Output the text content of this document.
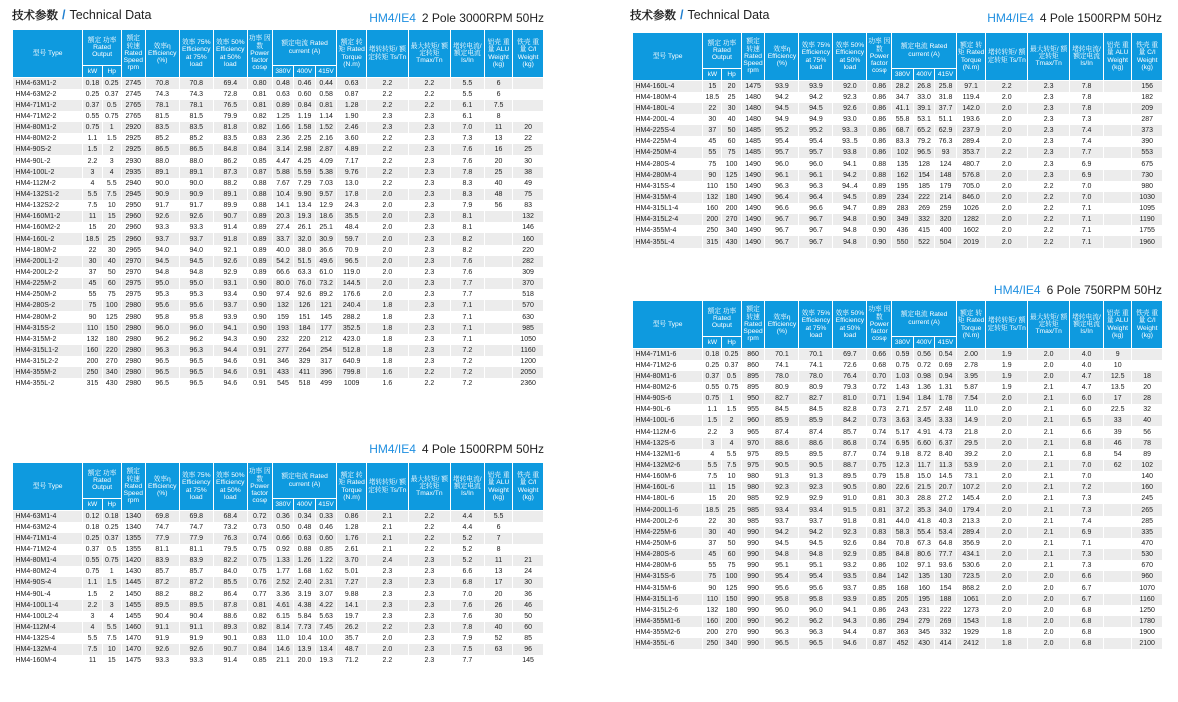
技术参数 / Technical Data	技术参数 / Technical Data
HM4/IE4 2 Pole 3000RPM 50Hz
HM4/IE4 4 Pole 1500RPM 50Hz
HM4/IE4 4 Pole 1500RPM 50Hz
HM4/IE4 6 Pole 750RPM 50Hz
型号 Type	额定 功率 Rated Output		额定 转速 Rated Speed rpm	效率η Efficiency (%)	效率 75% Efficiency at 75% load	效率 50% Efficiency at 50% load	功率 因数 Power factor cosφ	额定电流 Rated current (A)			额定 转矩 Rated Torque (N.m)	堵转转矩/ 额定转矩 Ts/Tn	最大转矩/ 额定转矩 Tmax/Tn	堵转电流/ 额定电流 Is/In	铝壳 重量 ALU Weight (kg)	铁壳 重量 C/I Weight (kg)
	kW	Hp						380V	400V	415V						
HM4-63M1-2	0.18	0.25	2745	70.8	70.8	69.4	0.80	0.48	0.46	0.44	0.63	2.2	2.2	5.5	6	
HM4-63M2-2	0.25	0.37	2745	74.3	74.3	72.8	0.81	0.63	0.60	0.58	0.87	2.2	2.2	5.5	6	
HM4-71M1-2	0.37	0.5	2765	78.1	78.1	76.5	0.81	0.89	0.84	0.81	1.28	2.2	2.2	6.1	7.5	
HM4-71M2-2	0.55	0.75	2765	81.5	81.5	79.9	0.82	1.25	1.19	1.14	1.90	2.3	2.3	6.1	8	
HM4-80M1-2	0.75	1	2920	83.5	83.5	81.8	0.82	1.66	1.58	1.52	2.46	2.3	2.3	7.0	11	20
HM4-80M2-2	1.1	1.5	2925	85.2	85.2	83.5	0.83	2.36	2.25	2.16	3.60	2.2	2.3	7.3	13	22
HM4-90S-2	1.5	2	2925	86.5	86.5	84.8	0.84	3.14	2.98	2.87	4.89	2.2	2.3	7.6	16	25
HM4-90L-2	2.2	3	2930	88.0	88.0	86.2	0.85	4.47	4.25	4.09	7.17	2.2	2.3	7.6	20	30
HM4-100L-2	3	4	2935	89.1	89.1	87.3	0.87	5.88	5.59	5.38	9.76	2.2	2.3	7.8	25	38
HM4-112M-2	4	5.5	2940	90.0	90.0	88.2	0.88	7.67	7.29	7.03	13.0	2.2	2.3	8.3	40	49
HM4-132S1-2	5.5	7.5	2945	90.9	90.9	89.1	0.88	10.4	9.90	9.57	17.8	2.0	2.3	8.3	48	75
HM4-132S2-2	7.5	10	2950	91.7	91.7	89.9	0.88	14.1	13.4	12.9	24.3	2.0	2.3	7.9	56	83
HM4-160M1-2	11	15	2960	92.6	92.6	90.7	0.89	20.3	19.3	18.6	35.5	2.0	2.3	8.1		132
HM4-160M2-2	15	20	2960	93.3	93.3	91.4	0.89	27.4	26.1	25.1	48.4	2.0	2.3	8.1		146
HM4-160L-2	18.5	25	2960	93.7	93.7	91.8	0.89	33.7	32.0	30.9	59.7	2.0	2.3	8.2		160
HM4-180M-2	22	30	2965	94.0	94.0	92.1	0.89	40.0	38.0	36.6	70.9	2.0	2.3	8.2		220
HM4-200L1-2	30	40	2970	94.5	94.5	92.6	0.89	54.2	51.5	49.6	96.5	2.0	2.3	7.6		282
HM4-200L2-2	37	50	2970	94.8	94.8	92.9	0.89	66.6	63.3	61.0	119.0	2.0	2.3	7.6		309
HM4-225M-2	45	60	2975	95.0	95.0	93.1	0.90	80.0	76.0	73.2	144.5	2.0	2.3	7.7		370
HM4-250M-2	55	75	2975	95.3	95.3	93.4	0.90	97.4	92.6	89.2	176.6	2.0	2.3	7.7		518
HM4-280S-2	75	100	2980	95.6	95.6	93.7	0.90	132	126	121	240.4	1.8	2.3	7.1		570
HM4-280M-2	90	125	2980	95.8	95.8	93.9	0.90	159	151	145	288.2	1.8	2.3	7.1		630
HM4-315S-2	110	150	2980	96.0	96.0	94.1	0.90	193	184	177	352.5	1.8	2.3	7.1		985
HM4-315M-2	132	180	2980	96.2	96.2	94.3	0.90	232	220	212	423.0	1.8	2.3	7.1		1050
HM4-315L1-2	160	220	2980	96.3	96.3	94.4	0.91	277	264	254	512.8	1.8	2.3	7.2		1160
HM4-315L2-2	200	270	2980	96.5	96.5	94.6	0.91	346	329	317	640.9	1.8	2.3	7.2		1200
HM4-355M-2	250	340	2980	96.5	96.5	94.6	0.91	433	411	396	799.8	1.6	2.2	7.2		2050
HM4-355L-2	315	430	2980	96.5	96.5	94.6	0.91	545	518	499	1009	1.6	2.2	7.2		2360
型号 Type	额定 功率 Rated Output		额定 转速 Rated Speed rpm	效率η Efficiency (%)	效率 75% Efficiency at 75% load	效率 50% Efficiency at 50% load	功率 因数 Power factor cosφ	额定电流 Rated current (A)			额定 转矩 Rated Torque (N.m)	堵转转矩/ 额定转矩 Ts/Tn	最大转矩/ 额定转矩 Tmax/Tn	堵转电流/ 额定电流 Is/In	铝壳 重量 ALU Weight (kg)	铁壳 重量 C/I Weight (kg)
	kW	Hp						380V	400V	415V						
HM4-63M1-4	0.12	0.18	1340	69.8	69.8	68.4	0.72	0.36	0.34	0.33	0.86	2.1	2.2	4.4	5.5	
HM4-63M2-4	0.18	0.25	1340	74.7	74.7	73.2	0.73	0.50	0.48	0.46	1.28	2.1	2.2	4.4	6	
HM4-71M1-4	0.25	0.37	1355	77.9	77.9	76.3	0.74	0.66	0.63	0.60	1.76	2.1	2.2	5.2	7	
HM4-71M2-4	0.37	0.5	1355	81.1	81.1	79.5	0.75	0.92	0.88	0.85	2.61	2.1	2.2	5.2	8	
HM4-80M1-4	0.55	0.75	1420	83.9	83.9	82.2	0.75	1.33	1.26	1.22	3.70	2.4	2.3	5.2	11	21
HM4-80M2-4	0.75	1	1430	85.7	85.7	84.0	0.75	1.77	1.68	1.62	5.01	2.3	2.3	6.6	13	24
HM4-90S-4	1.1	1.5	1445	87.2	87.2	85.5	0.76	2.52	2.40	2.31	7.27	2.3	2.3	6.8	17	30
HM4-90L-4	1.5	2	1450	88.2	88.2	86.4	0.77	3.36	3.19	3.07	9.88	2.3	2.3	7.0	20	36
HM4-100L1-4	2.2	3	1455	89.5	89.5	87.8	0.81	4.61	4.38	4.22	14.1	2.3	2.3	7.6	26	46
HM4-100L2-4	3	4	1455	90.4	90.4	88.6	0.82	6.15	5.84	5.63	19.7	2.3	2.3	7.6	30	50
HM4-112M-4	4	5.5	1460	91.1	91.1	89.3	0.82	8.14	7.73	7.45	26.2	2.2	2.3	7.8	40	60
HM4-132S-4	5.5	7.5	1470	91.9	91.9	90.1	0.83	11.0	10.4	10.0	35.7	2.0	2.3	7.9	52	85
HM4-132M-4	7.5	10	1470	92.6	92.6	90.7	0.84	14.6	13.9	13.4	48.7	2.0	2.3	7.5	63	96
HM4-160M-4	11	15	1475	93.3	93.3	91.4	0.85	21.1	20.0	19.3	71.2	2.2	2.3	7.7		145
型号 Type	额定 功率 Rated Output		额定 转速 Rated Speed rpm	效率η Efficiency (%)	效率 75% Efficiency at 75% load	效率 50% Efficiency at 50% load	功率 因数 Power factor cosφ	额定电流 Rated current (A)			额定 转矩 Rated Torque (N.m)	堵转转矩/ 额定转矩 Ts/Tn	最大转矩/ 额定转矩 Tmax/Tn	堵转电流/ 额定电流 Is/In	铝壳 重量 ALU Weight (kg)	铁壳 重量 C/I Weight (kg)
	kW	Hp						380V	400V	415V						
HM4-160L-4	15	20	1475	93.9	93.9	92.0	0.86	28.2	26.8	25.8	97.1	2.2	2.3	7.8		156
HM4-180M-4	18.5	25	1480	94.2	94.2	92.3	0.86	34.7	33.0	31.8	119.4	2.0	2.3	7.8		182
HM4-180L-4	22	30	1480	94.5	94.5	92.6	0.86	41.1	39.1	37.7	142.0	2.0	2.3	7.8		209
HM4-200L-4	30	40	1480	94.9	94.9	93.0	0.86	55.8	53.1	51.1	193.6	2.0	2.3	7.3		287
HM4-225S-4	37	50	1485	95.2	95.2	93..3	0.86	68.7	65.2	62.9	237.9	2.0	2.3	7.4		373
HM4-225M-4	45	60	1485	95.4	95.4	93..5	0.86	83.3	79.2	76.3	289.4	2.0	2.3	7.4		390
HM4-250M-4	55	75	1485	95.7	95.7	93.8	0.86	102	96.5	93	353.7	2.2	2.3	7.7		553
HM4-280S-4	75	100	1490	96.0	96.0	94.1	0.88	135	128	124	480.7	2.0	2.3	6.9		675
HM4-280M-4	90	125	1490	96.1	96.1	94.2	0.88	162	154	148	576.8	2.0	2.3	6.9		730
HM4-315S-4	110	150	1490	96.3	96.3	94..4	0.89	195	185	179	705.0	2.0	2.2	7.0		980
HM4-315M-4	132	180	1490	96.4	96.4	94.5	0.89	234	222	214	846.0	2.0	2.2	7.0		1030
HM4-315L1-4	160	200	1490	96.6	96.6	94.7	0.89	283	269	259	1026	2.0	2.2	7.1		1095
HM4-315L2-4	200	270	1490	96.7	96.7	94.8	0.90	349	332	320	1282	2.0	2.2	7.1		1190
HM4-355M-4	250	340	1490	96.7	96.7	94.8	0.90	436	415	400	1602	2.0	2.2	7.1		1755
HM4-355L-4	315	430	1490	96.7	96.7	94.8	0.90	550	522	504	2019	2.0	2.2	7.1		1960
型号 Type	额定 功率 Rated Output		额定 转速 Rated Speed rpm	效率η Efficiency (%)	效率 75% Efficiency at 75% load	效率 50% Efficiency at 50% load	功率 因数 Power factor cosφ	额定电流 Rated current (A)			额定 转矩 Rated Torque (N.m)	堵转转矩/ 额定转矩 Ts/Tn	最大转矩/ 额定转矩 Tmax/Tn	堵转电流/ 额定电流 Is/In	铝壳 重量 ALU Weight (kg)	铁壳 重量 C/I Weight (kg)
	kW	Hp						380V	400V	415V						
HM4-71M1-6	0.18	0.25	860	70.1	70.1	69.7	0.66	0.59	0.56	0.54	2.00	1.9	2.0	4.0	9	
HM4-71M2-6	0.25	0.37	860	74.1	74.1	72.6	0.68	0.75	0.72	0.69	2.78	1.9	2.0	4.0	10	
HM4-80M1-6	0.37	0.5	895	78.0	78.0	76.4	0.70	1.03	0.98	0.94	3.95	1.9	2.0	4.7	12.5	18
HM4-80M2-6	0.55	0.75	895	80.9	80.9	79.3	0.72	1.43	1.36	1.31	5.87	1.9	2.1	4.7	13.5	20
HM4-90S-6	0.75	1	950	82.7	82.7	81.0	0.71	1.94	1.84	1.78	7.54	2.0	2.1	6.0	17	28
HM4-90L-6	1.1	1.5	955	84.5	84.5	82.8	0.73	2.71	2.57	2.48	11.0	2.0	2.1	6.0	22.5	32
HM4-100L-6	1.5	2	960	85.9	85.9	84.2	0.73	3.63	3.45	3.33	14.9	2.0	2.1	6.5	33	40
HM4-112M-6	2.2	3	965	87.4	87.4	85.7	0.74	5.17	4.91	4.73	21.8	2.0	2.1	6.6	39	56
HM4-132S-6	3	4	970	88.6	88.6	86.8	0.74	6.95	6.60	6.37	29.5	2.0	2.1	6.8	46	78
HM4-132M1-6	4	5.5	975	89.5	89.5	87.7	0.74	9.18	8.72	8.40	39.2	2.0	2.1	6.8	54	89
HM4-132M2-6	5.5	7.5	975	90.5	90.5	88.7	0.75	12.3	11.7	11.3	53.9	2.0	2.1	7.0	62	102
HM4-160M-6	7.5	10	980	91.3	91.3	89.5	0.79	15.8	15.0	14.5	73.1	2.0	2.1	7.0		140
HM4-160L-6	11	15	980	92.3	92.3	90.5	0.80	22.6	21.5	20.7	107.2	2.0	2.1	7.2		160
HM4-180L-6	15	20	985	92.9	92.9	91.0	0.81	30.3	28.8	27.2	145.4	2.0	2.1	7.3		245
HM4-200L1-6	18.5	25	985	93.4	93.4	91.5	0.81	37.2	35.3	34.0	179.4	2.0	2.1	7.3		265
HM4-200L2-6	22	30	985	93.7	93.7	91.8	0.81	44.0	41.8	40.3	213.3	2.0	2.1	7.4		285
HM4-225M-6	30	40	990	94.2	94.2	92.3	0.83	58.3	55.4	53.4	289.4	2.0	2.1	6.9		335
HM4-250M-6	37	50	990	94.5	94.5	92.6	0.84	70.8	67.3	64.8	356.9	2.0	2.1	7.1		470
HM4-280S-6	45	60	990	94.8	94.8	92.9	0.85	84.8	80.6	77.7	434.1	2.0	2.1	7.3		530
HM4-280M-6	55	75	990	95.1	95.1	93.2	0.86	102	97.1	93.6	530.6	2.0	2.1	7.3		670
HM4-315S-6	75	100	990	95.4	95.4	93.5	0.84	142	135	130	723.5	2.0	2.0	6.6		960
HM4-315M-6	90	125	990	95.6	95.6	93.7	0.85	168	160	154	868.2	2.0	2.0	6.7		1070
HM4-315L1-6	110	150	990	95.8	95.8	93.9	0.85	205	195	188	1061	2.0	2.0	6.7		1160
HM4-315L2-6	132	180	990	96.0	96.0	94.1	0.86	243	231	222	1273	2.0	2.0	6.8		1250
HM4-355M1-6	160	200	990	96.2	96.2	94.3	0.86	294	279	269	1543	1.8	2.0	6.8		1780
HM4-355M2-6	200	270	990	96.3	96.3	94.4	0.87	363	345	332	1929	1.8	2.0	6.8		1900
HM4-355L-6	250	340	990	96.5	96.5	94.6	0.87	452	430	414	2412	1.8	2.0	6.8		2100
